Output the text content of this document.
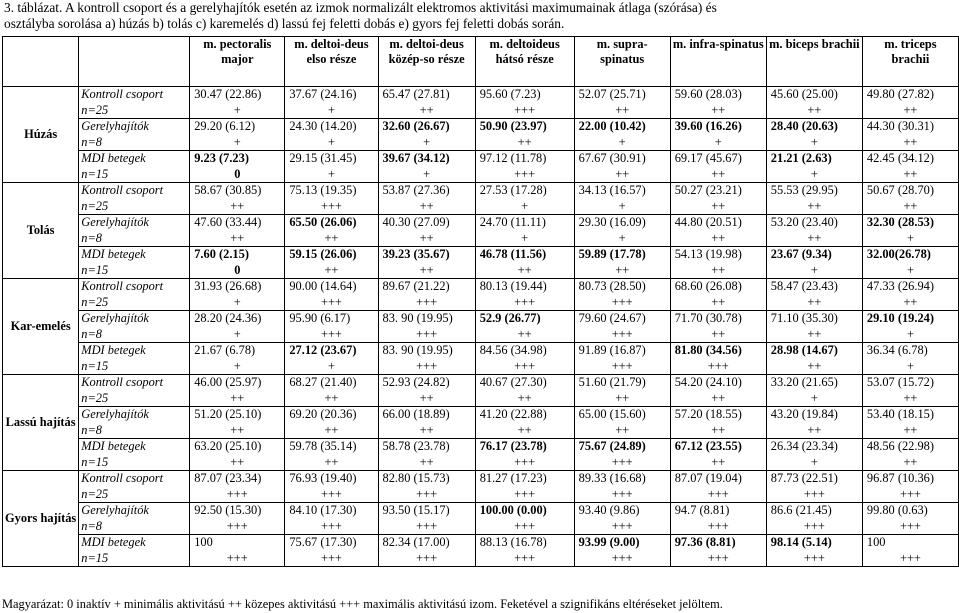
3. táblázat. A kontroll csoport és a gerelyhajítók esetén az izmok normalizált elektromos aktivitási maximumainak átlaga (szórása) és
osztályba sorolása a) húzás b) tolás c) karemelés d) lassú fej feletti dobás e) gyors fej feletti dobás során.
		m. pectoralis major	m. deltoi-deus elso része	m. deltoi-deus közép-so része	m. deltoideus hátsó része	m. supra-spinatus	m. infra-spinatus	m. biceps brachii	m. triceps brachii
Húzás	Kontroll csoport	30.47 (22.86)	37.67 (24.16)	65.47 (27.81)	95.60 (7.23)	52.07 (25.71)	59.60 (28.03)	45.60 (25.00)	49.80 (27.82)
	n=25	+	+	++	+++	++	++	++	++
	Gerelyhajítók	29.20 (6.12)	24.30 (14.20)	32.60 (26.67)	50.90 (23.97)	22.00 (10.42)	39.60 (16.26)	28.40 (20.63)	44.30 (30.31)
	n=8	+	+	+	++	+	+	+	++
	MDI betegek	9.23 (7.23)	29.15 (31.45)	39.67 (34.12)	97.12 (11.78)	67.67 (30.91)	69.17 (45.67)	21.21 (2.63)	42.45 (34.12)
	n=15	0	+	+	+++	++	++	+	++
Tolás	Kontroll csoport	58.67 (30.85)	75.13 (19.35)	53.87 (27.36)	27.53 (17.28)	34.13 (16.57)	50.27 (23.21)	55.53 (29.95)	50.67 (28.70)
	n=25	++	+++	++	+	+	++	++	++
	Gerelyhajítók	47.60 (33.44)	65.50 (26.06)	40.30 (27.09)	24.70 (11.11)	29.30 (16.09)	44.80 (20.51)	53.20 (23.40)	32.30 (28.53)
	n=8	++	++	++	+	+	++	++	+
	MDI betegek	7.60 (2.15)	59.15 (26.06)	39.23 (35.67)	46.78 (11.56)	59.89 (17.78)	54.13 (19.98)	23.67 (9.34)	32.00(26.78)
	n=15	0	++	++	++	++	++	+	+
Kar-emelés	Kontroll csoport	31.93 (26.68)	90.00 (14.64)	89.67 (21.22)	80.13 (19.44)	80.73 (28.50)	68.60 (26.08)	58.47 (23.43)	47.33 (26.94)
	n=25	+	+++	+++	+++	+++	++	++	++
	Gerelyhajítók	28.20 (24.36)	95.90 (6.17)	83. 90 (19.95)	52.9 (26.77)	79.60 (24.67)	71.70 (30.78)	71.10 (35.30)	29.10 (19.24)
	n=8	+	+++	+++	++	+++	++	++	+
	MDI betegek	21.67 (6.78)	27.12 (23.67)	83. 90 (19.95)	84.56 (34.98)	91.89 (16.87)	81.80 (34.56)	28.98 (14.67)	36.34 (6.78)
	n=15	+	+	+++	+++	+++	+++	++	+
Lassú hajítás	Kontroll csoport	46.00 (25.97)	68.27 (21.40)	52.93 (24.82)	40.67 (27.30)	51.60 (21.79)	54.20 (24.10)	33.20 (21.65)	53.07 (15.72)
	n=25	++	++	++	++	++	++	+	++
	Gerelyhajítók	51.20 (25.10)	69.20 (20.36)	66.00 (18.89)	41.20 (22.88)	65.00 (15.60)	57.20 (18.55)	43.20 (19.84)	53.40 (18.15)
	n=8	++	++	++	++	++	++	++	++
	MDI betegek	63.20 (25.10)	59.78 (35.14)	58.78 (23.78)	76.17 (23.78)	75.67 (24.89)	67.12 (23.55)	26.34 (23.34)	48.56 (22.98)
	n=15	++	++	++	+++	+++	++	+	++
Gyors hajítás	Kontroll csoport	87.07 (23.34)	76.93 (19.40)	82.80 (15.73)	81.27 (17.23)	89.33 (16.68)	87.07 (19.04)	87.73 (22.51)	96.87 (10.36)
	n=25	+++	+++	+++	+++	+++	+++	+++	+++
	Gerelyhajítók	92.50 (15.30)	84.10 (17.30)	93.50 (15.17)	100.00 (0.00)	93.40 (9.86)	94.7 (8.81)	86.6 (21.45)	99.80 (0.63)
	n=8	+++	+++	+++	+++	+++	+++	+++	+++
	MDI betegek	100	75.67 (17.30)	82.34 (17.00)	88.13 (16.78)	93.99 (9.00)	97.36 (8.81)	98.14 (5.14)	100
	n=15	+++	+++	+++	+++	+++	+++	+++	+++
Magyarázat: 0 inaktív + minimális aktivitású ++ közepes aktivitású +++ maximális aktivitású izom. Feketével a szignifikáns eltéréseket jelöltem.
